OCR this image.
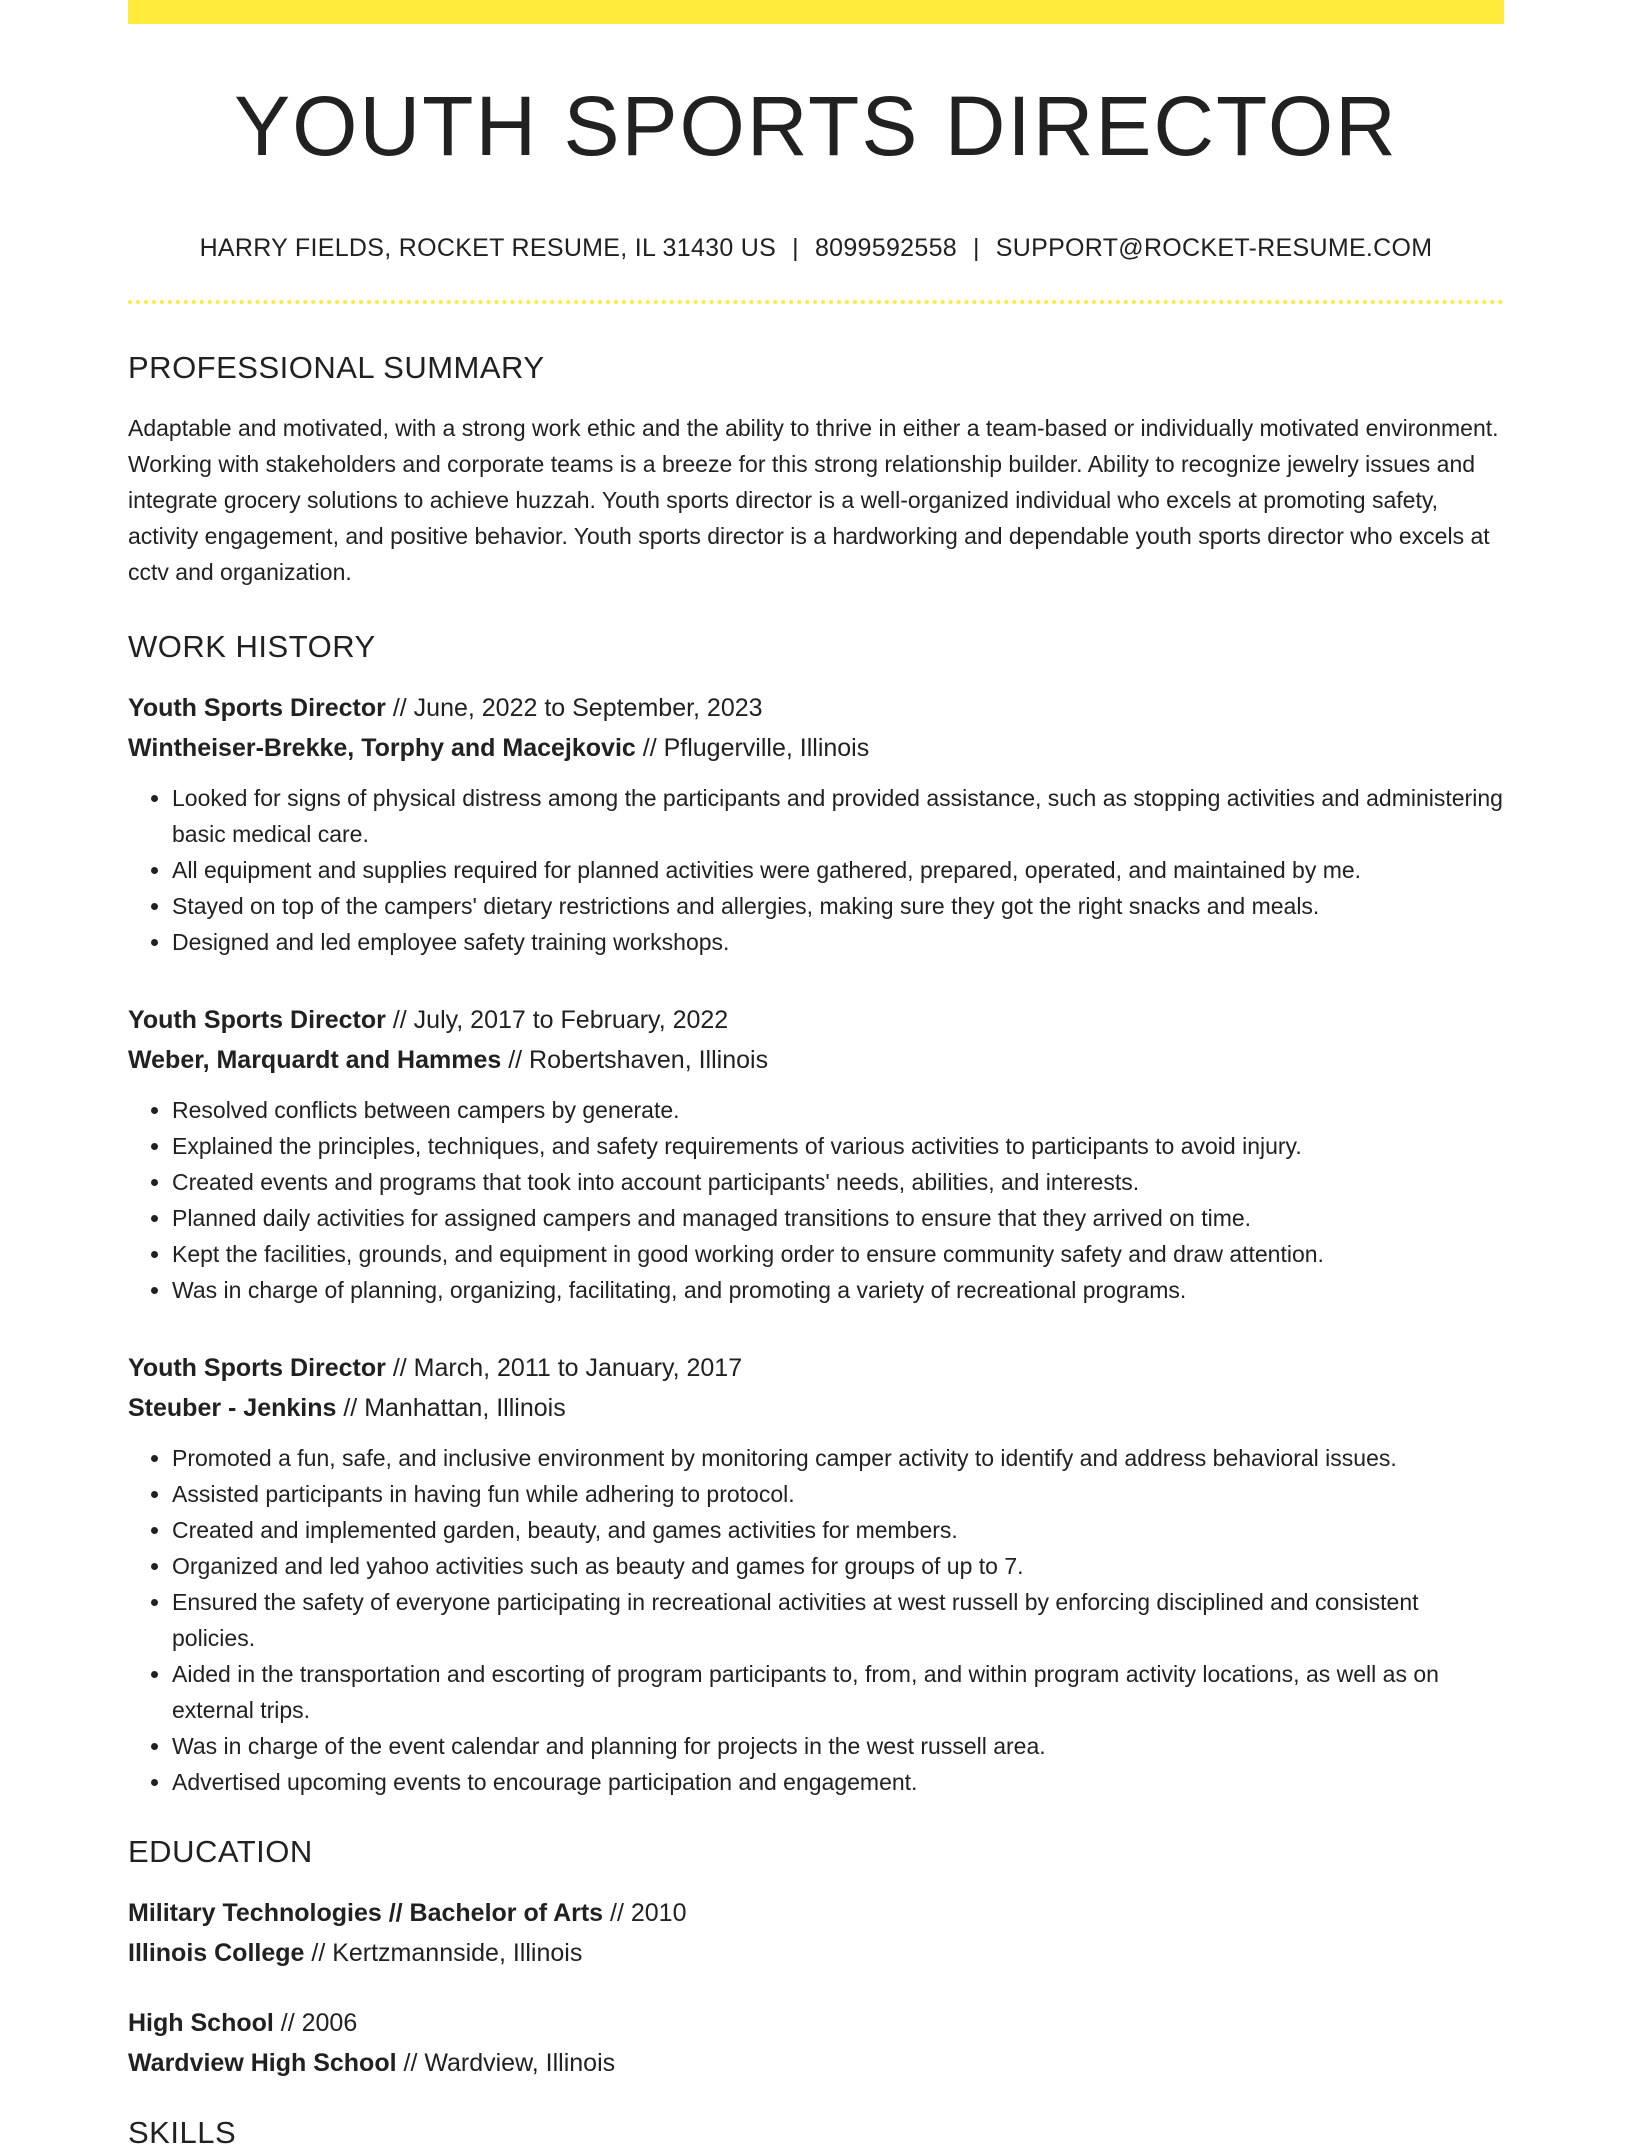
YOUTH SPORTS DIRECTOR
HARRY FIELDS, ROCKET RESUME, IL 31430 US | 8099592558 | SUPPORT@ROCKET-RESUME.COM
PROFESSIONAL SUMMARY

Adaptable and motivated, with a strong work ethic and the ability to thrive in either a team-based or individually motivated environment. Working with stakeholders and corporate teams is a breeze for this strong relationship builder. Ability to recognize jewelry issues and integrate grocery solutions to achieve huzzah. Youth sports director is a well-organized individual who excels at promoting safety, activity engagement, and positive behavior. Youth sports director is a hardworking and dependable youth sports director who excels at cctv and organization.

WORK HISTORY
Youth Sports Director // June, 2022 to September, 2023
Wintheiser-Brekke, Torphy and Macejkovic // Pflugerville, Illinois
• Looked for signs of physical distress among the participants and provided assistance, such as stopping activities and administering basic medical care.
• All equipment and supplies required for planned activities were gathered, prepared, operated, and maintained by me.
• Stayed on top of the campers' dietary restrictions and allergies, making sure they got the right snacks and meals.
• Designed and led employee safety training workshops.
Youth Sports Director // July, 2017 to February, 2022
Weber, Marquardt and Hammes // Robertshaven, Illinois
• Resolved conflicts between campers by generate.
• Explained the principles, techniques, and safety requirements of various activities to participants to avoid injury.
• Created events and programs that took into account participants' needs, abilities, and interests.
• Planned daily activities for assigned campers and managed transitions to ensure that they arrived on time.
• Kept the facilities, grounds, and equipment in good working order to ensure community safety and draw attention.
• Was in charge of planning, organizing, facilitating, and promoting a variety of recreational programs.
Youth Sports Director // March, 2011 to January, 2017
Steuber - Jenkins // Manhattan, Illinois
• Promoted a fun, safe, and inclusive environment by monitoring camper activity to identify and address behavioral issues.
• Assisted participants in having fun while adhering to protocol.
• Created and implemented garden, beauty, and games activities for members.
• Organized and led yahoo activities such as beauty and games for groups of up to 7.
• Ensured the safety of everyone participating in recreational activities at west russell by enforcing disciplined and consistent policies.
• Aided in the transportation and escorting of program participants to, from, and within program activity locations, as well as on external trips.
• Was in charge of the event calendar and planning for projects in the west russell area.
• Advertised upcoming events to encourage participation and engagement.
EDUCATION
Military Technologies // Bachelor of Arts // 2010
Illinois College // Kertzmannside, Illinois
High School // 2006
Wardview High School // Wardview, Illinois
SKILLS
